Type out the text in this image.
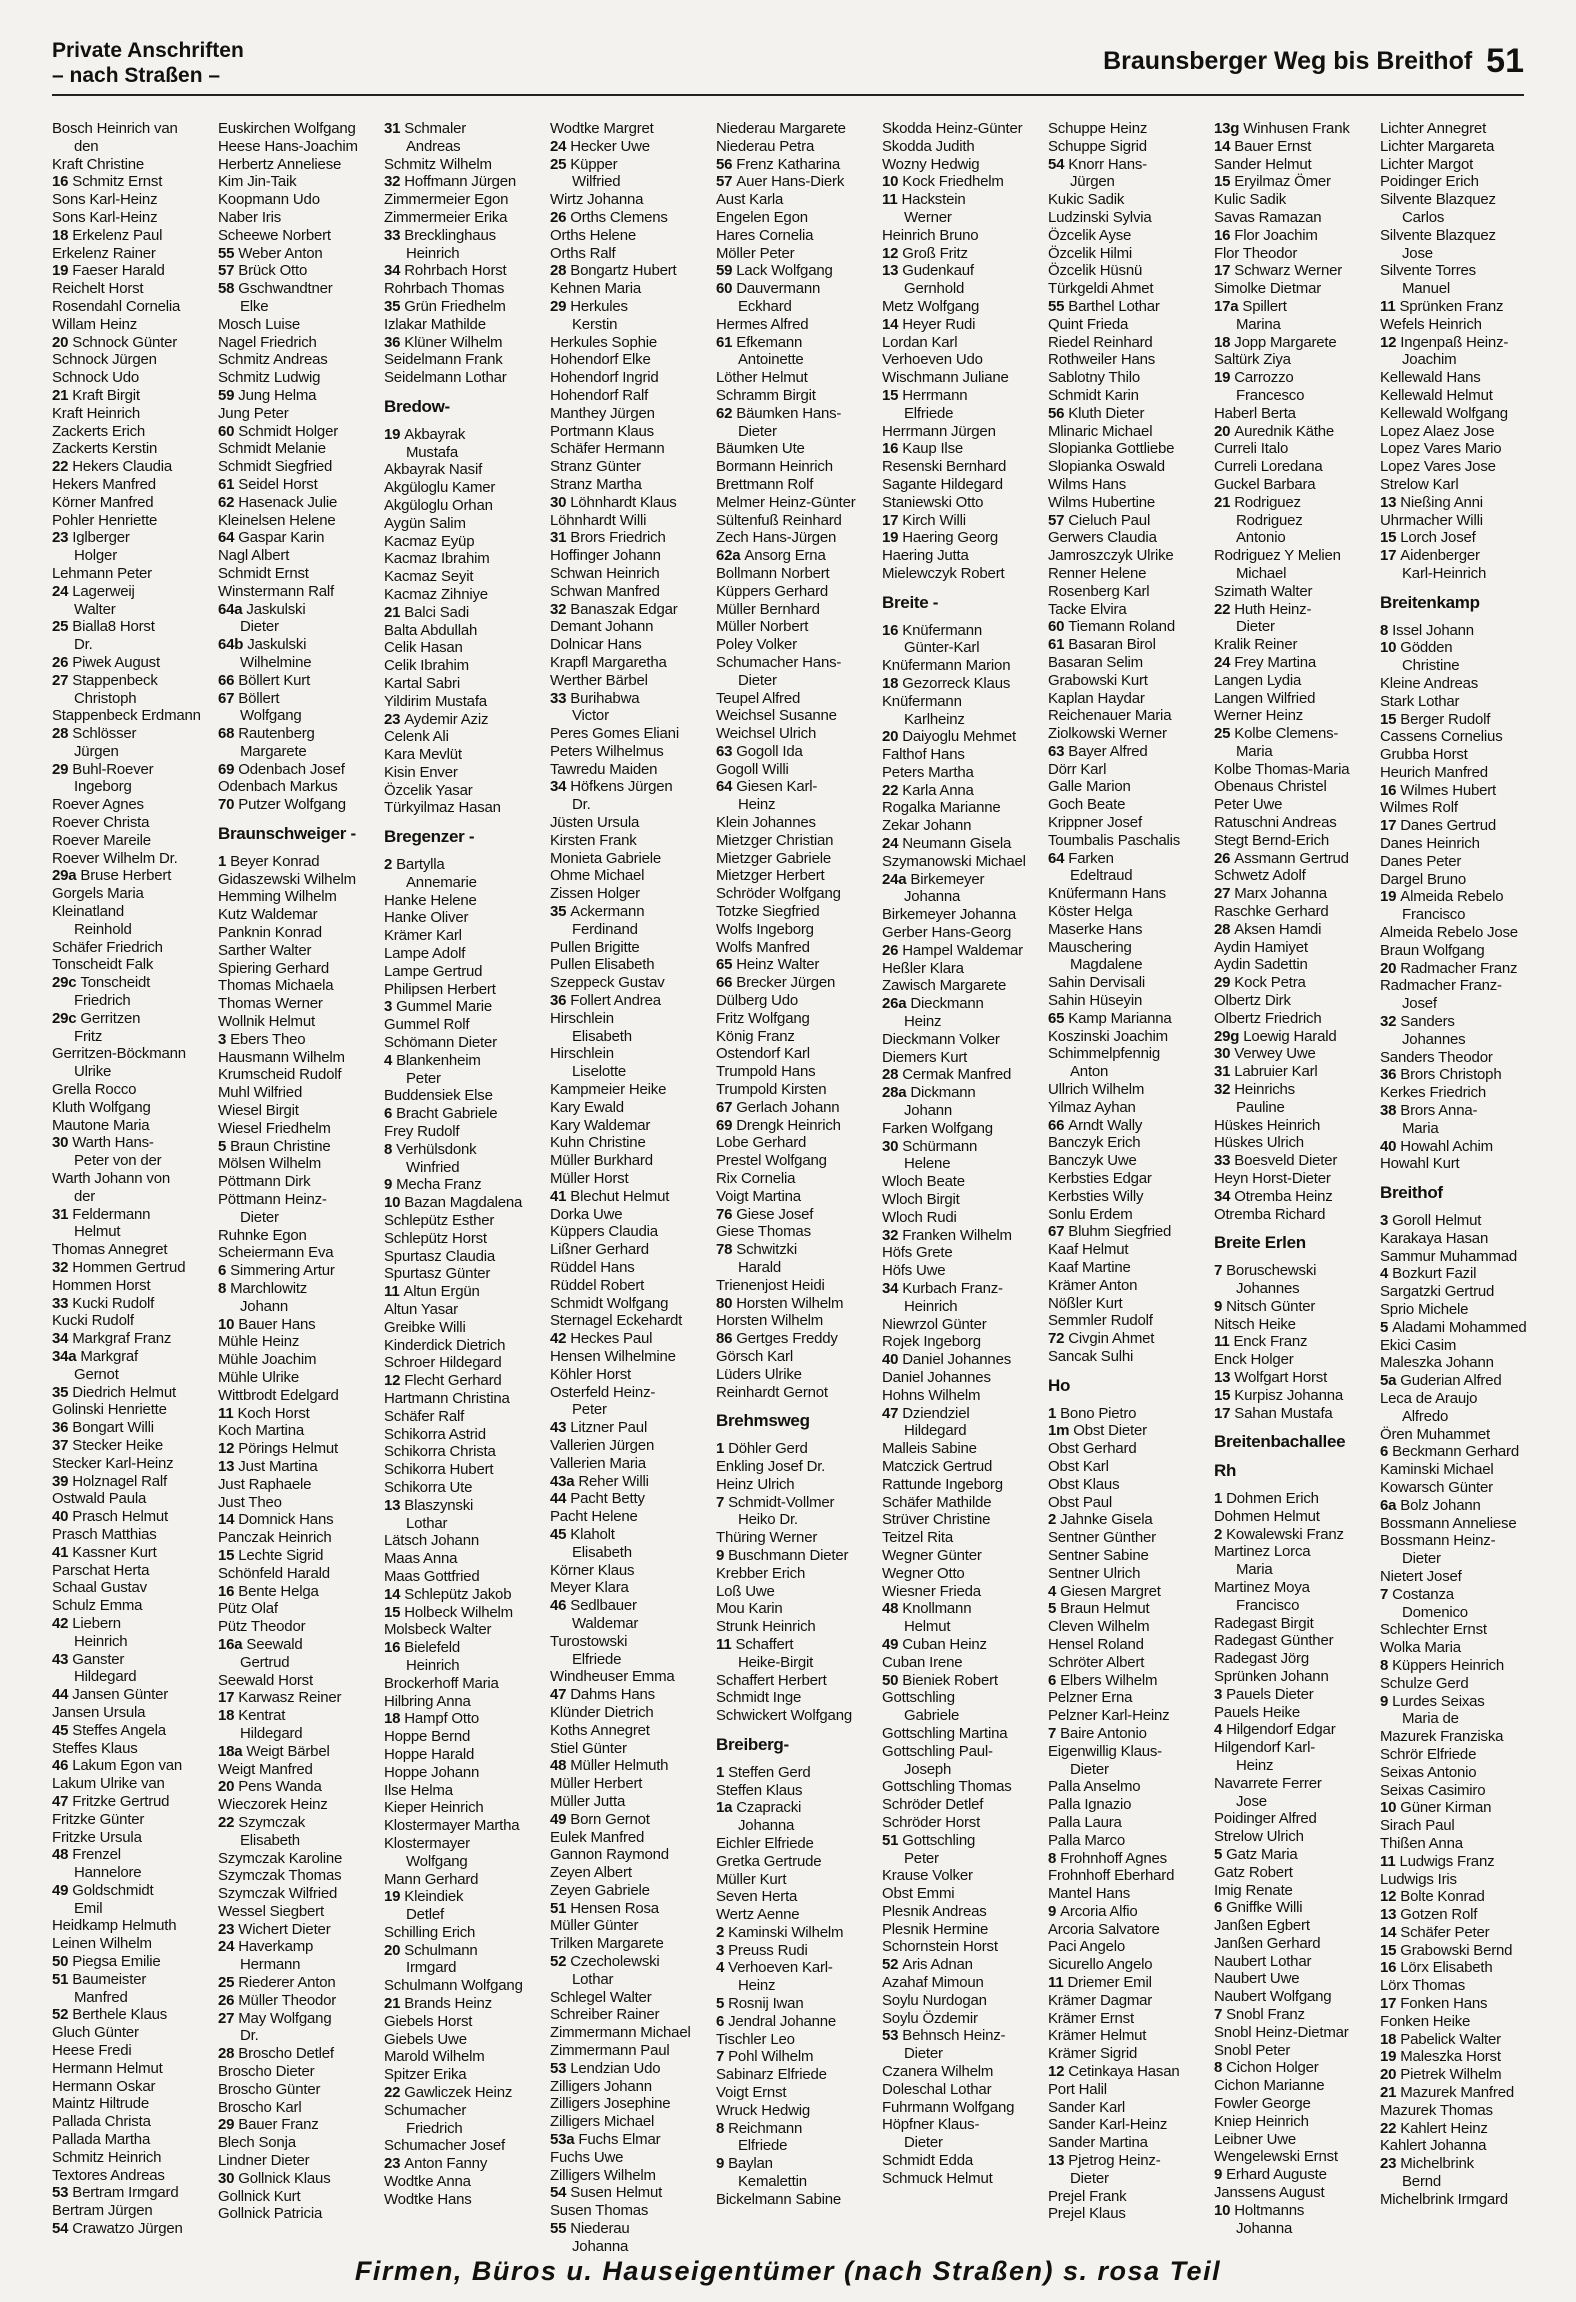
Private Anschriften
– nach Straßen –
Braunsberger Weg bis Breithof 51
Bosch Heinrich van
den
Kraft Christine
16 Schmitz Ernst
Sons Karl-Heinz
Sons Karl-Heinz
18 Erkelenz Paul
Erkelenz Rainer
19 Faeser Harald
Reichelt Horst
Rosendahl Cornelia
Willam Heinz
20 Schnock Günter
Schnock Jürgen
Schnock Udo
21 Kraft Birgit
Kraft Heinrich
Zackerts Erich
Zackerts Kerstin
22 Hekers Claudia
Hekers Manfred
Körner Manfred
Pohler Henriette
23 Iglberger
Holger
Lehmann Peter
24 Lagerweij
Walter
25 Bialla8 Horst
Dr.
26 Piwek August
27 Stappenbeck
Christoph
Stappenbeck Erdmann
28 Schlösser
Jürgen
29 Buhl-Roever
Ingeborg
Roever Agnes
Roever Christa
Roever Mareile
Roever Wilhelm Dr.
29a Bruse Herbert
Gorgels Maria
Kleinatland
Reinhold
Schäfer Friedrich
Tonscheidt Falk
29c Tonscheidt
Friedrich
29c Gerritzen
Fritz
Gerritzen-Böckmann
Ulrike
Grella Rocco
Kluth Wolfgang
Mautone Maria
30 Warth Hans-
Peter von der
Warth Johann von
der
31 Feldermann
Helmut
Thomas Annegret
32 Hommen Gertrud
Hommen Horst
33 Kucki Rudolf
Kucki Rudolf
34 Markgraf Franz
34a Markgraf
Gernot
35 Diedrich Helmut
Golinski Henriette
36 Bongart Willi
37 Stecker Heike
Stecker Karl-Heinz
39 Holznagel Ralf
Ostwald Paula
40 Prasch Helmut
Prasch Matthias
41 Kassner Kurt
Parschat Herta
Schaal Gustav
Schulz Emma
42 Liebern
Heinrich
43 Ganster
Hildegard
44 Jansen Günter
Jansen Ursula
45 Steffes Angela
Steffes Klaus
46 Lakum Egon van
Lakum Ulrike van
47 Fritzke Gertrud
Fritzke Günter
Fritzke Ursula
48 Frenzel
Hannelore
49 Goldschmidt
Emil
Heidkamp Helmuth
Leinen Wilhelm
50 Piegsa Emilie
51 Baumeister
Manfred
52 Berthele Klaus
Gluch Günter
Heese Fredi
Hermann Helmut
Hermann Oskar
Maintz Hiltrude
Pallada Christa
Pallada Martha
Schmitz Heinrich
Textores Andreas
53 Bertram Irmgard
Bertram Jürgen
54 Crawatzo Jürgen
Euskirchen Wolfgang
Heese Hans-Joachim
Herbertz Anneliese
Kim Jin-Taik
Koopmann Udo
Naber Iris
Scheewe Norbert
55 Weber Anton
57 Brück Otto
58 Gschwandtner
Elke
Mosch Luise
Nagel Friedrich
Schmitz Andreas
Schmitz Ludwig
59 Jung Helma
Jung Peter
60 Schmidt Holger
Schmidt Melanie
Schmidt Siegfried
61 Seidel Horst
62 Hasenack Julie
Kleinelsen Helene
64 Gaspar Karin
Nagl Albert
Schmidt Ernst
Winstermann Ralf
64a Jaskulski
Dieter
64b Jaskulski
Wilhelmine
66 Böllert Kurt
67 Böllert
Wolfgang
68 Rautenberg
Margarete
69 Odenbach Josef
Odenbach Markus
70 Putzer Wolfgang
Braunschweiger -
1 Beyer Konrad
Gidaszewski Wilhelm
Hemming Wilhelm
Kutz Waldemar
Panknin Konrad
Sarther Walter
Spiering Gerhard
Thomas Michaela
Thomas Werner
Wollnik Helmut
3 Ebers Theo
Hausmann Wilhelm
Krumscheid Rudolf
Muhl Wilfried
Wiesel Birgit
Wiesel Friedhelm
5 Braun Christine
Mölsen Wilhelm
Pöttmann Dirk
Pöttmann Heinz-
Dieter
Ruhnke Egon
Scheiermann Eva
6 Simmering Artur
8 Marchlowitz
Johann
10 Bauer Hans
Mühle Heinz
Mühle Joachim
Mühle Ulrike
Wittbrodt Edelgard
11 Koch Horst
Koch Martina
12 Pörings Helmut
13 Just Martina
Just Raphaele
Just Theo
14 Domnick Hans
Panczak Heinrich
15 Lechte Sigrid
Schönfeld Harald
16 Bente Helga
Pütz Olaf
Pütz Theodor
16a Seewald
Gertrud
Seewald Horst
17 Karwasz Reiner
18 Kentrat
Hildegard
18a Weigt Bärbel
Weigt Manfred
20 Pens Wanda
Wieczorek Heinz
22 Szymczak
Elisabeth
Szymczak Karoline
Szymczak Thomas
Szymczak Wilfried
Wessel Siegbert
23 Wichert Dieter
24 Haverkamp
Hermann
25 Riederer Anton
26 Müller Theodor
27 May Wolfgang
Dr.
28 Broscho Detlef
Broscho Dieter
Broscho Günter
Broscho Karl
29 Bauer Franz
Blech Sonja
Lindner Dieter
30 Gollnick Klaus
Gollnick Kurt
Gollnick Patricia
31 Schmaler
Andreas
Schmitz Wilhelm
32 Hoffmann Jürgen
Zimmermeier Egon
Zimmermeier Erika
33 Brecklinghaus
Heinrich
34 Rohrbach Horst
Rohrbach Thomas
35 Grün Friedhelm
Izlakar Mathilde
36 Klüner Wilhelm
Seidelmann Frank
Seidelmann Lothar
Bredow-
19 Akbayrak
Mustafa
Akbayrak Nasif
Akgüloglu Kamer
Akgüloglu Orhan
Aygün Salim
Kacmaz Eyüp
Kacmaz Ibrahim
Kacmaz Seyit
Kacmaz Zihniye
21 Balci Sadi
Balta Abdullah
Celik Hasan
Celik Ibrahim
Kartal Sabri
Yildirim Mustafa
23 Aydemir Aziz
Celenk Ali
Kara Mevlüt
Kisin Enver
Özcelik Yasar
Türkyilmaz Hasan
Bregenzer -
2 Bartylla
Annemarie
Hanke Helene
Hanke Oliver
Krämer Karl
Lampe Adolf
Lampe Gertrud
Philipsen Herbert
3 Gummel Marie
Gummel Rolf
Schömann Dieter
4 Blankenheim
Peter
Buddensiek Else
6 Bracht Gabriele
Frey Rudolf
8 Verhülsdonk
Winfried
9 Mecha Franz
10 Bazan Magdalena
Schlepütz Esther
Schlepütz Horst
Spurtasz Claudia
Spurtasz Günter
11 Altun Ergün
Altun Yasar
Greibke Willi
Kinderdick Dietrich
Schroer Hildegard
12 Flecht Gerhard
Hartmann Christina
Schäfer Ralf
Schikorra Astrid
Schikorra Christa
Schikorra Hubert
Schikorra Ute
13 Blaszynski
Lothar
Lätsch Johann
Maas Anna
Maas Gottfried
14 Schlepütz Jakob
15 Holbeck Wilhelm
Molsbeck Walter
16 Bielefeld
Heinrich
Brockerhoff Maria
Hilbring Anna
18 Hampf Otto
Hoppe Bernd
Hoppe Harald
Hoppe Johann
Ilse Helma
Kieper Heinrich
Klostermayer Martha
Klostermayer
Wolfgang
Mann Gerhard
19 Kleindiek
Detlef
Schilling Erich
20 Schulmann
Irmgard
Schulmann Wolfgang
21 Brands Heinz
Giebels Horst
Giebels Uwe
Marold Wilhelm
Spitzer Erika
22 Gawliczek Heinz
Schumacher
Friedrich
Schumacher Josef
23 Anton Fanny
Wodtke Anna
Wodtke Hans
Wodtke Margret
24 Hecker Uwe
25 Küpper
Wilfried
Wirtz Johanna
26 Orths Clemens
Orths Helene
Orths Ralf
28 Bongartz Hubert
Kehnen Maria
29 Herkules
Kerstin
Herkules Sophie
Hohendorf Elke
Hohendorf Ingrid
Hohendorf Ralf
Manthey Jürgen
Portmann Klaus
Schäfer Hermann
Stranz Günter
Stranz Martha
30 Löhnhardt Klaus
Löhnhardt Willi
31 Brors Friedrich
Hoffinger Johann
Schwan Heinrich
Schwan Manfred
32 Banaszak Edgar
Demant Johann
Dolnicar Hans
Krapfl Margaretha
Werther Bärbel
33 Burihabwa
Victor
Peres Gomes Eliani
Peters Wilhelmus
Tawredu Maiden
34 Höfkens Jürgen
Dr.
Jüsten Ursula
Kirsten Frank
Monieta Gabriele
Ohme Michael
Zissen Holger
35 Ackermann
Ferdinand
Pullen Brigitte
Pullen Elisabeth
Szeppeck Gustav
36 Follert Andrea
Hirschlein
Elisabeth
Hirschlein
Liselotte
Kampmeier Heike
Kary Ewald
Kary Waldemar
Kuhn Christine
Müller Burkhard
Müller Horst
41 Blechut Helmut
Dorka Uwe
Küppers Claudia
Lißner Gerhard
Rüddel Hans
Rüddel Robert
Schmidt Wolfgang
Sternagel Eckehardt
42 Heckes Paul
Hensen Wilhelmine
Köhler Horst
Osterfeld Heinz-
Peter
43 Litzner Paul
Vallerien Jürgen
Vallerien Maria
43a Reher Willi
44 Pacht Betty
Pacht Helene
45 Klaholt
Elisabeth
Körner Klaus
Meyer Klara
46 Sedlbauer
Waldemar
Turostowski
Elfriede
Windheuser Emma
47 Dahms Hans
Klünder Dietrich
Koths Annegret
Stiel Günter
48 Müller Helmuth
Müller Herbert
Müller Jutta
49 Born Gernot
Eulek Manfred
Gannon Raymond
Zeyen Albert
Zeyen Gabriele
51 Hensen Rosa
Müller Günter
Trilken Margarete
52 Czecholewski
Lothar
Schlegel Walter
Schreiber Rainer
Zimmermann Michael
Zimmermann Paul
53 Lendzian Udo
Zilligers Johann
Zilligers Josephine
Zilligers Michael
53a Fuchs Elmar
Fuchs Uwe
Zilligers Wilhelm
54 Susen Helmut
Susen Thomas
55 Niederau
Johanna
Niederau Margarete
Niederau Petra
56 Frenz Katharina
57 Auer Hans-Dierk
Aust Karla
Engelen Egon
Hares Cornelia
Möller Peter
59 Lack Wolfgang
60 Dauvermann
Eckhard
Hermes Alfred
61 Efkemann
Antoinette
Löther Helmut
Schramm Birgit
62 Bäumken Hans-
Dieter
Bäumken Ute
Bormann Heinrich
Brettmann Rolf
Melmer Heinz-Günter
Sültenfuß Reinhard
Zech Hans-Jürgen
62a Ansorg Erna
Bollmann Norbert
Küppers Gerhard
Müller Bernhard
Müller Norbert
Poley Volker
Schumacher Hans-
Dieter
Teupel Alfred
Weichsel Susanne
Weichsel Ulrich
63 Gogoll Ida
Gogoll Willi
64 Giesen Karl-
Heinz
Klein Johannes
Mietzger Christian
Mietzger Gabriele
Mietzger Herbert
Schröder Wolfgang
Totzke Siegfried
Wolfs Ingeborg
Wolfs Manfred
65 Heinz Walter
66 Brecker Jürgen
Dülberg Udo
Fritz Wolfgang
König Franz
Ostendorf Karl
Trumpold Hans
Trumpold Kirsten
67 Gerlach Johann
69 Drengk Heinrich
Lobe Gerhard
Prestel Wolfgang
Rix Cornelia
Voigt Martina
76 Giese Josef
Giese Thomas
78 Schwitzki
Harald
Trienenjost Heidi
80 Horsten Wilhelm
Horsten Wilhelm
86 Gertges Freddy
Görsch Karl
Lüders Ulrike
Reinhardt Gernot
Brehmsweg
1 Döhler Gerd
Enkling Josef Dr.
Heinz Ulrich
7 Schmidt-Vollmer
Heiko Dr.
Thüring Werner
9 Buschmann Dieter
Krebber Erich
Loß Uwe
Mou Karin
Strunk Heinrich
11 Schaffert
Heike-Birgit
Schaffert Herbert
Schmidt Inge
Schwickert Wolfgang
Breiberg-
1 Steffen Gerd
Steffen Klaus
1a Czapracki
Johanna
Eichler Elfriede
Gretka Gertrude
Müller Kurt
Seven Herta
Wertz Aenne
2 Kaminski Wilhelm
3 Preuss Rudi
4 Verhoeven Karl-
Heinz
5 Rosnij Iwan
6 Jendral Johanne
Tischler Leo
7 Pohl Wilhelm
Sabinarz Elfriede
Voigt Ernst
Wruck Hedwig
8 Reichmann
Elfriede
9 Baylan
Kemalettin
Bickelmann Sabine
Skodda Heinz-Günter
Skodda Judith
Wozny Hedwig
10 Kock Friedhelm
11 Hackstein
Werner
Heinrich Bruno
12 Groß Fritz
13 Gudenkauf
Gernhold
Metz Wolfgang
14 Heyer Rudi
Lordan Karl
Verhoeven Udo
Wischmann Juliane
15 Herrmann
Elfriede
Herrmann Jürgen
16 Kaup Ilse
Resenski Bernhard
Sagante Hildegard
Staniewski Otto
17 Kirch Willi
19 Haering Georg
Haering Jutta
Mielewczyk Robert
Breite -
16 Knüfermann
Günter-Karl
Knüfermann Marion
18 Gezorreck Klaus
Knüfermann
Karlheinz
20 Daiyoglu Mehmet
Falthof Hans
Peters Martha
22 Karla Anna
Rogalka Marianne
Zekar Johann
24 Neumann Gisela
Szymanowski Michael
24a Birkemeyer
Johanna
Birkemeyer Johanna
Gerber Hans-Georg
26 Hampel Waldemar
Heßler Klara
Zawisch Margarete
26a Dieckmann
Heinz
Dieckmann Volker
Diemers Kurt
28 Cermak Manfred
28a Dickmann
Johann
Farken Wolfgang
30 Schürmann
Helene
Wloch Beate
Wloch Birgit
Wloch Rudi
32 Franken Wilhelm
Höfs Grete
Höfs Uwe
34 Kurbach Franz-
Heinrich
Niewrzol Günter
Rojek Ingeborg
40 Daniel Johannes
Daniel Johannes
Hohns Wilhelm
47 Dziendziel
Hildegard
Malleis Sabine
Matczick Gertrud
Rattunde Ingeborg
Schäfer Mathilde
Strüver Christine
Teitzel Rita
Wegner Günter
Wegner Otto
Wiesner Frieda
48 Knollmann
Helmut
49 Cuban Heinz
Cuban Irene
50 Bieniek Robert
Gottschling
Gabriele
Gottschling Martina
Gottschling Paul-
Joseph
Gottschling Thomas
Schröder Detlef
Schröder Horst
51 Gottschling
Peter
Krause Volker
Obst Emmi
Plesnik Andreas
Plesnik Hermine
Schornstein Horst
52 Aris Adnan
Azahaf Mimoun
Soylu Nurdogan
Soylu Özdemir
53 Behnsch Heinz-
Dieter
Czanera Wilhelm
Doleschal Lothar
Fuhrmann Wolfgang
Höpfner Klaus-
Dieter
Schmidt Edda
Schmuck Helmut
Schuppe Heinz
Schuppe Sigrid
54 Knorr Hans-
Jürgen
Kukic Sadik
Ludzinski Sylvia
Özcelik Ayse
Özcelik Hilmi
Özcelik Hüsnü
Türkgeldi Ahmet
55 Barthel Lothar
Quint Frieda
Riedel Reinhard
Rothweiler Hans
Sablotny Thilo
Schmidt Karin
56 Kluth Dieter
Mlinaric Michael
Slopianka Gottliebe
Slopianka Oswald
Wilms Hans
Wilms Hubertine
57 Cieluch Paul
Gerwers Claudia
Jamroszczyk Ulrike
Renner Helene
Rosenberg Karl
Tacke Elvira
60 Tiemann Roland
61 Basaran Birol
Basaran Selim
Grabowski Kurt
Kaplan Haydar
Reichenauer Maria
Ziolkowski Werner
63 Bayer Alfred
Dörr Karl
Galle Marion
Goch Beate
Krippner Josef
Toumbalis Paschalis
64 Farken
Edeltraud
Knüfermann Hans
Köster Helga
Maserke Hans
Mauschering
Magdalene
Sahin Dervisali
Sahin Hüseyin
65 Kamp Marianna
Koszinski Joachim
Schimmelpfennig
Anton
Ullrich Wilhelm
Yilmaz Ayhan
66 Arndt Wally
Banczyk Erich
Banczyk Uwe
Kerbsties Edgar
Kerbsties Willy
Sonlu Erdem
67 Bluhm Siegfried
Kaaf Helmut
Kaaf Martine
Krämer Anton
Nößler Kurt
Semmler Rudolf
72 Civgin Ahmet
Sancak Sulhi
Ho
1 Bono Pietro
1m Obst Dieter
Obst Gerhard
Obst Karl
Obst Klaus
Obst Paul
2 Jahnke Gisela
Sentner Günther
Sentner Sabine
Sentner Ulrich
4 Giesen Margret
5 Braun Helmut
Cleven Wilhelm
Hensel Roland
Schröter Albert
6 Elbers Wilhelm
Pelzner Erna
Pelzner Karl-Heinz
7 Baire Antonio
Eigenwillig Klaus-
Dieter
Palla Anselmo
Palla Ignazio
Palla Laura
Palla Marco
8 Frohnhoff Agnes
Frohnhoff Eberhard
Mantel Hans
9 Arcoria Alfio
Arcoria Salvatore
Paci Angelo
Sicurello Angelo
11 Driemer Emil
Krämer Dagmar
Krämer Ernst
Krämer Helmut
Krämer Sigrid
12 Cetinkaya Hasan
Port Halil
Sander Karl
Sander Karl-Heinz
Sander Martina
13 Pjetrog Heinz-
Dieter
Prejel Frank
Prejel Klaus
13g Winhusen Frank
14 Bauer Ernst
Sander Helmut
15 Eryilmaz Ömer
Kulic Sadik
Savas Ramazan
16 Flor Joachim
Flor Theodor
17 Schwarz Werner
Simolke Dietmar
17a Spillert
Marina
18 Jopp Margarete
Saltürk Ziya
19 Carrozzo
Francesco
Haberl Berta
20 Aurednik Käthe
Curreli Italo
Curreli Loredana
Guckel Barbara
21 Rodriguez
Rodriguez
Antonio
Rodriguez Y Melien
Michael
Szimath Walter
22 Huth Heinz-
Dieter
Kralik Reiner
24 Frey Martina
Langen Lydia
Langen Wilfried
Werner Heinz
25 Kolbe Clemens-
Maria
Kolbe Thomas-Maria
Obenaus Christel
Peter Uwe
Ratuschni Andreas
Stegt Bernd-Erich
26 Assmann Gertrud
Schwetz Adolf
27 Marx Johanna
Raschke Gerhard
28 Aksen Hamdi
Aydin Hamiyet
Aydin Sadettin
29 Kock Petra
Olbertz Dirk
Olbertz Friedrich
29g Loewig Harald
30 Verwey Uwe
31 Labruier Karl
32 Heinrichs
Pauline
Hüskes Heinrich
Hüskes Ulrich
33 Boesveld Dieter
Heyn Horst-Dieter
34 Otremba Heinz
Otremba Richard
Breite Erlen
7 Boruschewski
Johannes
9 Nitsch Günter
Nitsch Heike
11 Enck Franz
Enck Holger
13 Wolfgart Horst
15 Kurpisz Johanna
17 Sahan Mustafa
Breitenbachallee
Rh
1 Dohmen Erich
Dohmen Helmut
2 Kowalewski Franz
Martinez Lorca
Maria
Martinez Moya
Francisco
Radegast Birgit
Radegast Günther
Radegast Jörg
Sprünken Johann
3 Pauels Dieter
Pauels Heike
4 Hilgendorf Edgar
Hilgendorf Karl-
Heinz
Navarrete Ferrer
Jose
Poidinger Alfred
Strelow Ulrich
5 Gatz Maria
Gatz Robert
Imig Renate
6 Gniffke Willi
Janßen Egbert
Janßen Gerhard
Naubert Lothar
Naubert Uwe
Naubert Wolfgang
7 Snobl Franz
Snobl Heinz-Dietmar
Snobl Peter
8 Cichon Holger
Cichon Marianne
Fowler George
Kniep Heinrich
Leibner Uwe
Wengelewski Ernst
9 Erhard Auguste
Janssens August
10 Holtmanns
Johanna
Lichter Annegret
Lichter Margareta
Lichter Margot
Poidinger Erich
Silvente Blazquez
Carlos
Silvente Blazquez
Jose
Silvente Torres
Manuel
11 Sprünken Franz
Wefels Heinrich
12 Ingenpaß Heinz-
Joachim
Kellewald Hans
Kellewald Helmut
Kellewald Wolfgang
Lopez Alaez Jose
Lopez Vares Mario
Lopez Vares Jose
Strelow Karl
13 Nießing Anni
Uhrmacher Willi
15 Lorch Josef
17 Aidenberger
Karl-Heinrich
Breitenkamp
8 Issel Johann
10 Gödden
Christine
Kleine Andreas
Stark Lothar
15 Berger Rudolf
Cassens Cornelius
Grubba Horst
Heurich Manfred
16 Wilmes Hubert
Wilmes Rolf
17 Danes Gertrud
Danes Heinrich
Danes Peter
Dargel Bruno
19 Almeida Rebelo
Francisco
Almeida Rebelo Jose
Braun Wolfgang
20 Radmacher Franz
Radmacher Franz-
Josef
32 Sanders
Johannes
Sanders Theodor
36 Brors Christoph
Kerkes Friedrich
38 Brors Anna-
Maria
40 Howahl Achim
Howahl Kurt
Breithof
3 Goroll Helmut
Karakaya Hasan
Sammur Muhammad
4 Bozkurt Fazil
Sargatzki Gertrud
Sprio Michele
5 Aladami Mohammed
Ekici Casim
Maleszka Johann
5a Guderian Alfred
Leca de Araujo
Alfredo
Ören Muhammet
6 Beckmann Gerhard
Kaminski Michael
Kowarsch Günter
6a Bolz Johann
Bossmann Anneliese
Bossmann Heinz-
Dieter
Nietert Josef
7 Costanza
Domenico
Schlechter Ernst
Wolka Maria
8 Küppers Heinrich
Schulze Gerd
9 Lurdes Seixas
Maria de
Mazurek Franziska
Schrör Elfriede
Seixas Antonio
Seixas Casimiro
10 Güner Kirman
Sirach Paul
Thißen Anna
11 Ludwigs Franz
Ludwigs Iris
12 Bolte Konrad
13 Gotzen Rolf
14 Schäfer Peter
15 Grabowski Bernd
16 Lörx Elisabeth
Lörx Thomas
17 Fonken Hans
Fonken Heike
18 Pabelick Walter
19 Maleszka Horst
20 Pietrek Wilhelm
21 Mazurek Manfred
Mazurek Thomas
22 Kahlert Heinz
Kahlert Johanna
23 Michelbrink
Bernd
Michelbrink Irmgard
Firmen, Büros u. Hauseigentümer (nach Straßen) s. rosa Teil
